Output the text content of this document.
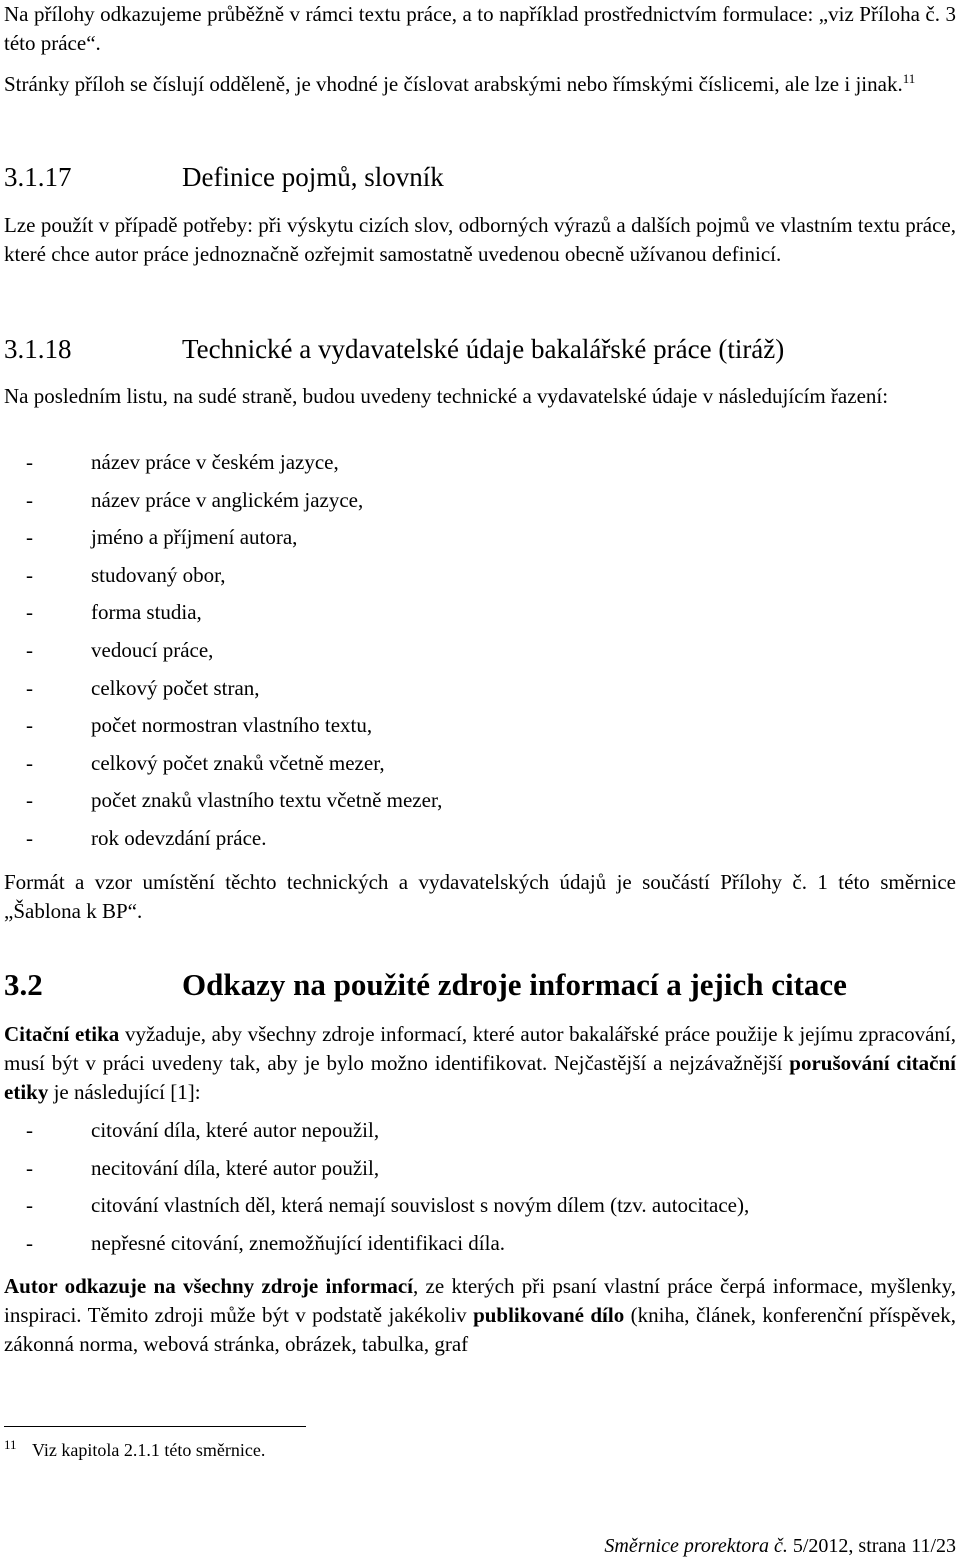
Na přílohy odkazujeme průběžně v rámci textu práce, a to například prostřednictvím formulace: „viz Příloha č. 3 této práce“.
Stránky příloh se číslují odděleně, je vhodné je číslovat arabskými nebo římskými číslicemi, ale lze i jinak.$^{11}$
3.1.17	Definice pojmů, slovník
Lze použít v případě potřeby: při výskytu cizích slov, odborných výrazů a dalších pojmů ve vlastním textu práce, které chce autor práce jednoznačně ozřejmit samostatně uvedenou obecně užívanou definicí.
3.1.18	Technické a vydavatelské údaje bakalářské práce (tiráž)
Na posledním listu, na sudé straně, budou uvedeny technické a vydavatelské údaje v následujícím řazení:
-	název práce v českém jazyce,
-	název práce v anglickém jazyce,
-	jméno a příjmení autora,
-	studovaný obor,
-	forma studia,
-	vedoucí práce,
-	celkový počet stran,
-	počet normostran vlastního textu,
-	celkový počet znaků včetně mezer,
-	počet znaků vlastního textu včetně mezer,
-	rok odevzdání práce.
Formát a vzor umístění těchto technických a vydavatelských údajů je součástí Přílohy č. 1 této směrnice „Šablona k BP“.
3.2	Odkazy na použité zdroje informací a jejich citace
Citační etika vyžaduje, aby všechny zdroje informací, které autor bakalářské práce použije k jejímu zpracování, musí být v práci uvedeny tak, aby je bylo možno identifikovat. Nejčastější a nejzávažnější porušování citační etiky je následující [1]:
-	citování díla, které autor nepoužil,
-	necitování díla, které autor použil,
-	citování vlastních děl, která nemají souvislost s novým dílem (tzv. autocitace),
-	nepřesné citování, znemožňující identifikaci díla.
Autor odkazuje na všechny zdroje informací, ze kterých při psaní vlastní práce čerpá informace, myšlenky, inspiraci. Těmito zdroji může být v podstatě jakékoliv publikované dílo (kniha, článek, konferenční příspěvek, zákonná norma, webová stránka, obrázek, tabulka, graf
11 Viz kapitola 2.1.1 této směrnice.
Směrnice prorektora č. 5/2012, strana 11/23
